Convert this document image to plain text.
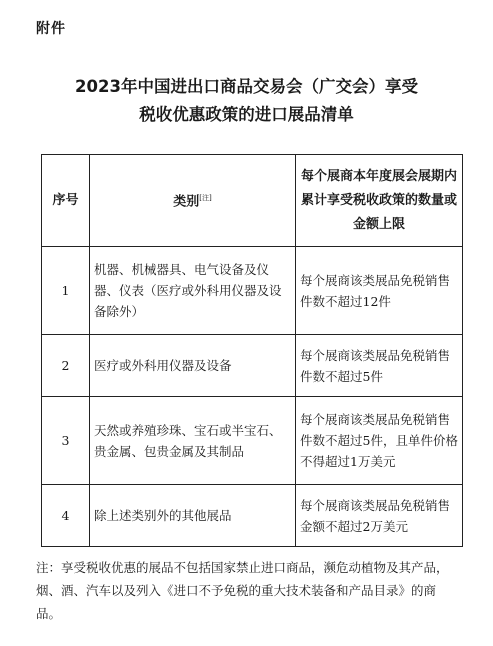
附件
2023年中国进出口商品交易会（广交会）享受
税收优惠政策的进口展品清单
序号	类别[注]	每个展商本年度展会展期内累计享受税收政策的数量或金额上限
1	机器、机械器具、电气设备及仪器、仪表（医疗或外科用仪器及设备除外）	每个展商该类展品免税销售件数不超过12件
2	医疗或外科用仪器及设备	每个展商该类展品免税销售件数不超过5件
3	天然或养殖珍珠、宝石或半宝石、贵金属、包贵金属及其制品	每个展商该类展品免税销售件数不超过5件，且单件价格不得超过1万美元
4	除上述类别外的其他展品	每个展商该类展品免税销售金额不超过2万美元
注：享受税收优惠的展品不包括国家禁止进口商品，濒危动植物及其产品，烟、酒、汽车以及列入《进口不予免税的重大技术装备和产品目录》的商品。
